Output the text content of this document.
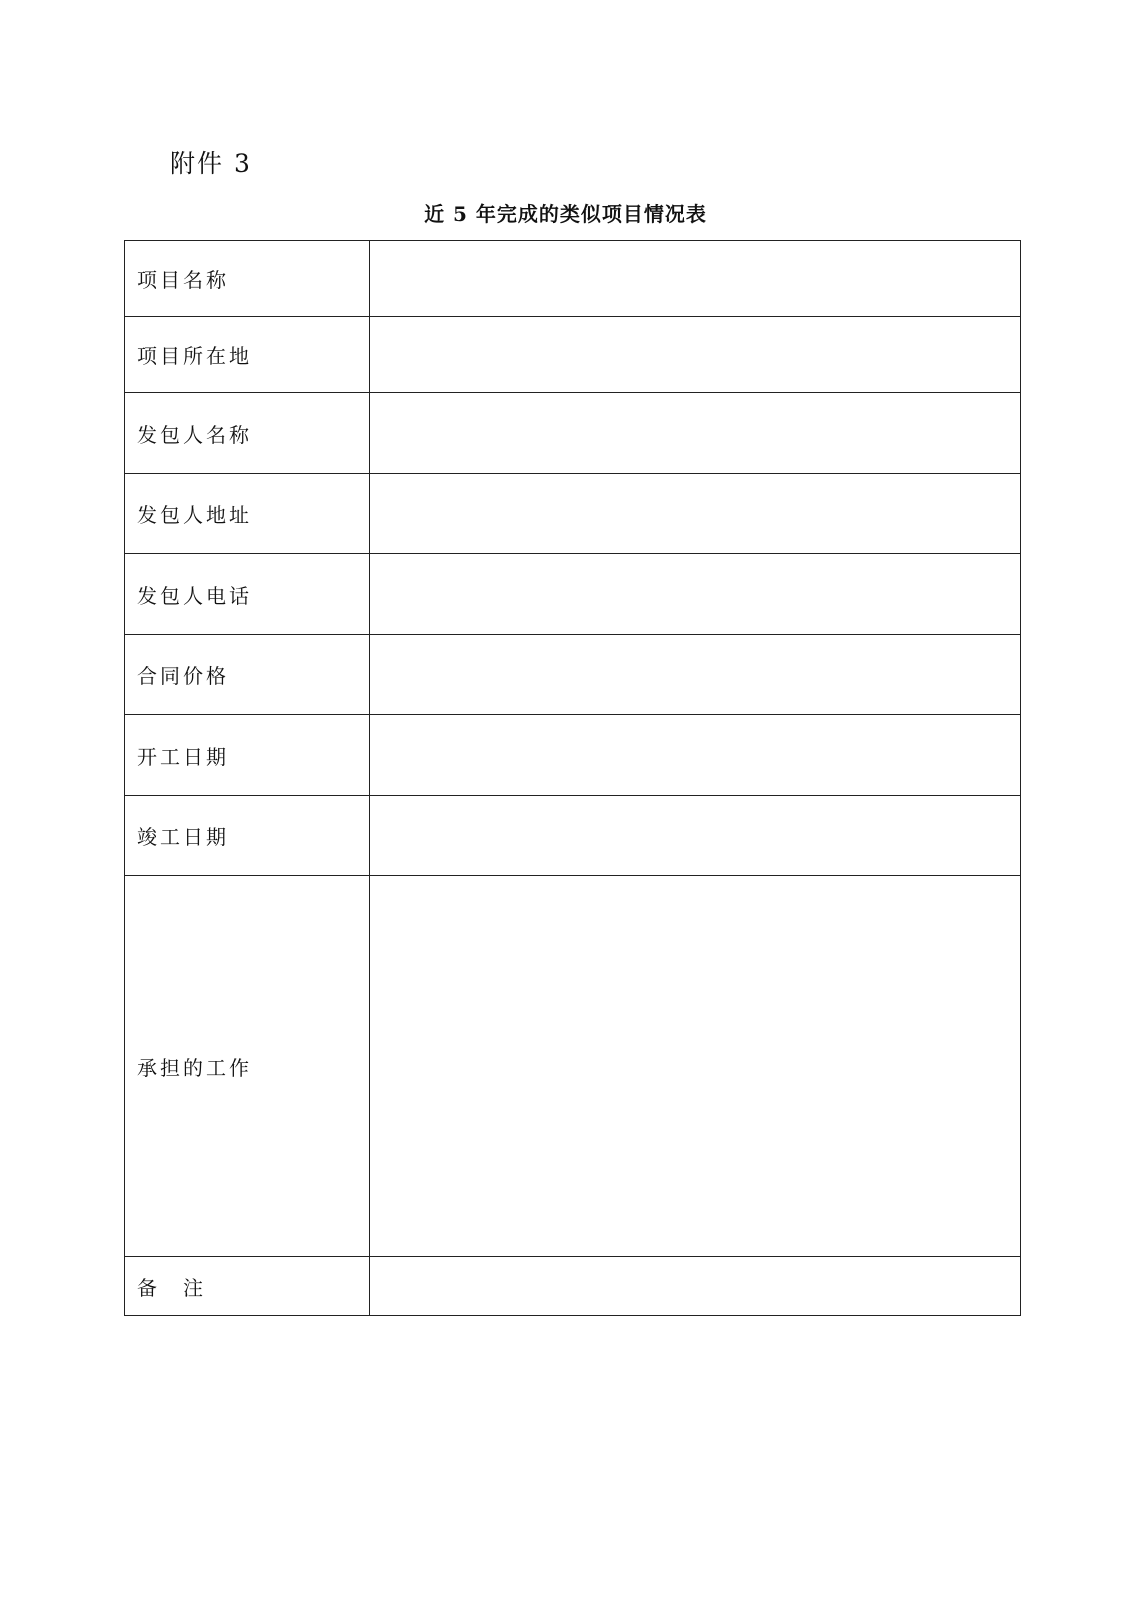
附件 3
近 5 年完成的类似项目情况表
项目名称	
项目所在地	
发包人名称	
发包人地址	
发包人电话	
合同价格	
开工日期	
竣工日期	
承担的工作	
备　注	
